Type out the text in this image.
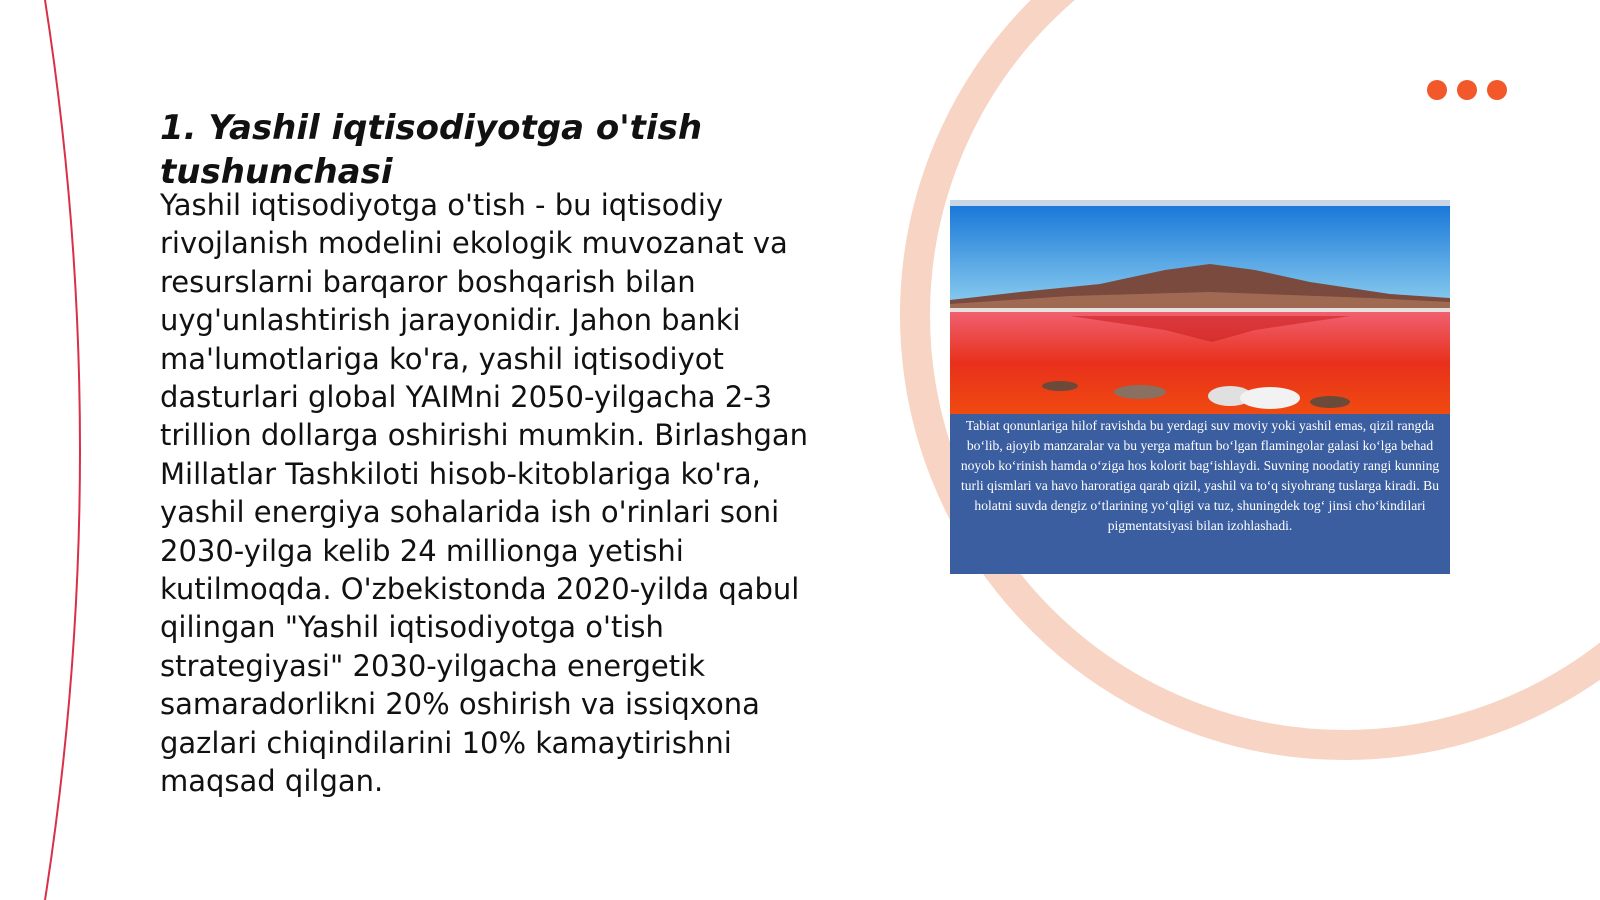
1. Yashil iqtisodiyotga o'tish tushunchasi

Yashil iqtisodiyotga o'tish - bu iqtisodiy rivojlanish modelini ekologik muvozanat va resurslarni barqaror boshqarish bilan uyg'unlashtirish jarayonidir. Jahon banki ma'lumotlariga ko'ra, yashil iqtisodiyot dasturlari global YAIMni 2050-yilgacha 2-3 trillion dollarga oshirishi mumkin. Birlashgan Millatlar Tashkiloti hisob-kitoblariga ko'ra, yashil energiya sohalarida ish o'rinlari soni 2030-yilga kelib 24 millionga yetishi kutilmoqda. O'zbekistonda 2020-yilda qabul qilingan "Yashil iqtisodiyotga o'tish strategiyasi" 2030-yilgacha energetik samaradorlikni 20% oshirish va issiqxona gazlari chiqindilarini 10% kamaytirishni maqsad qilgan.

Tabiat qonunlariga hilof ravishda bu yerdagi suv moviy yoki yashil emas, qizil rangda bo‘lib, ajoyib manzaralar va bu yerga maftun bo‘lgan flamingolar galasi ko‘lga behad noyob ko‘rinish hamda o‘ziga hos kolorit bag‘ishlaydi. Suvning noodatiy rangi kunning turli qismlari va havo haroratiga qarab qizil, yashil va to‘q siyohrang tuslarga kiradi. Bu holatni suvda dengiz o‘tlarining yo‘qligi va tuz, shuningdek tog‘ jinsi cho‘kindilari pigmentatsiyasi bilan izohlashadi.
